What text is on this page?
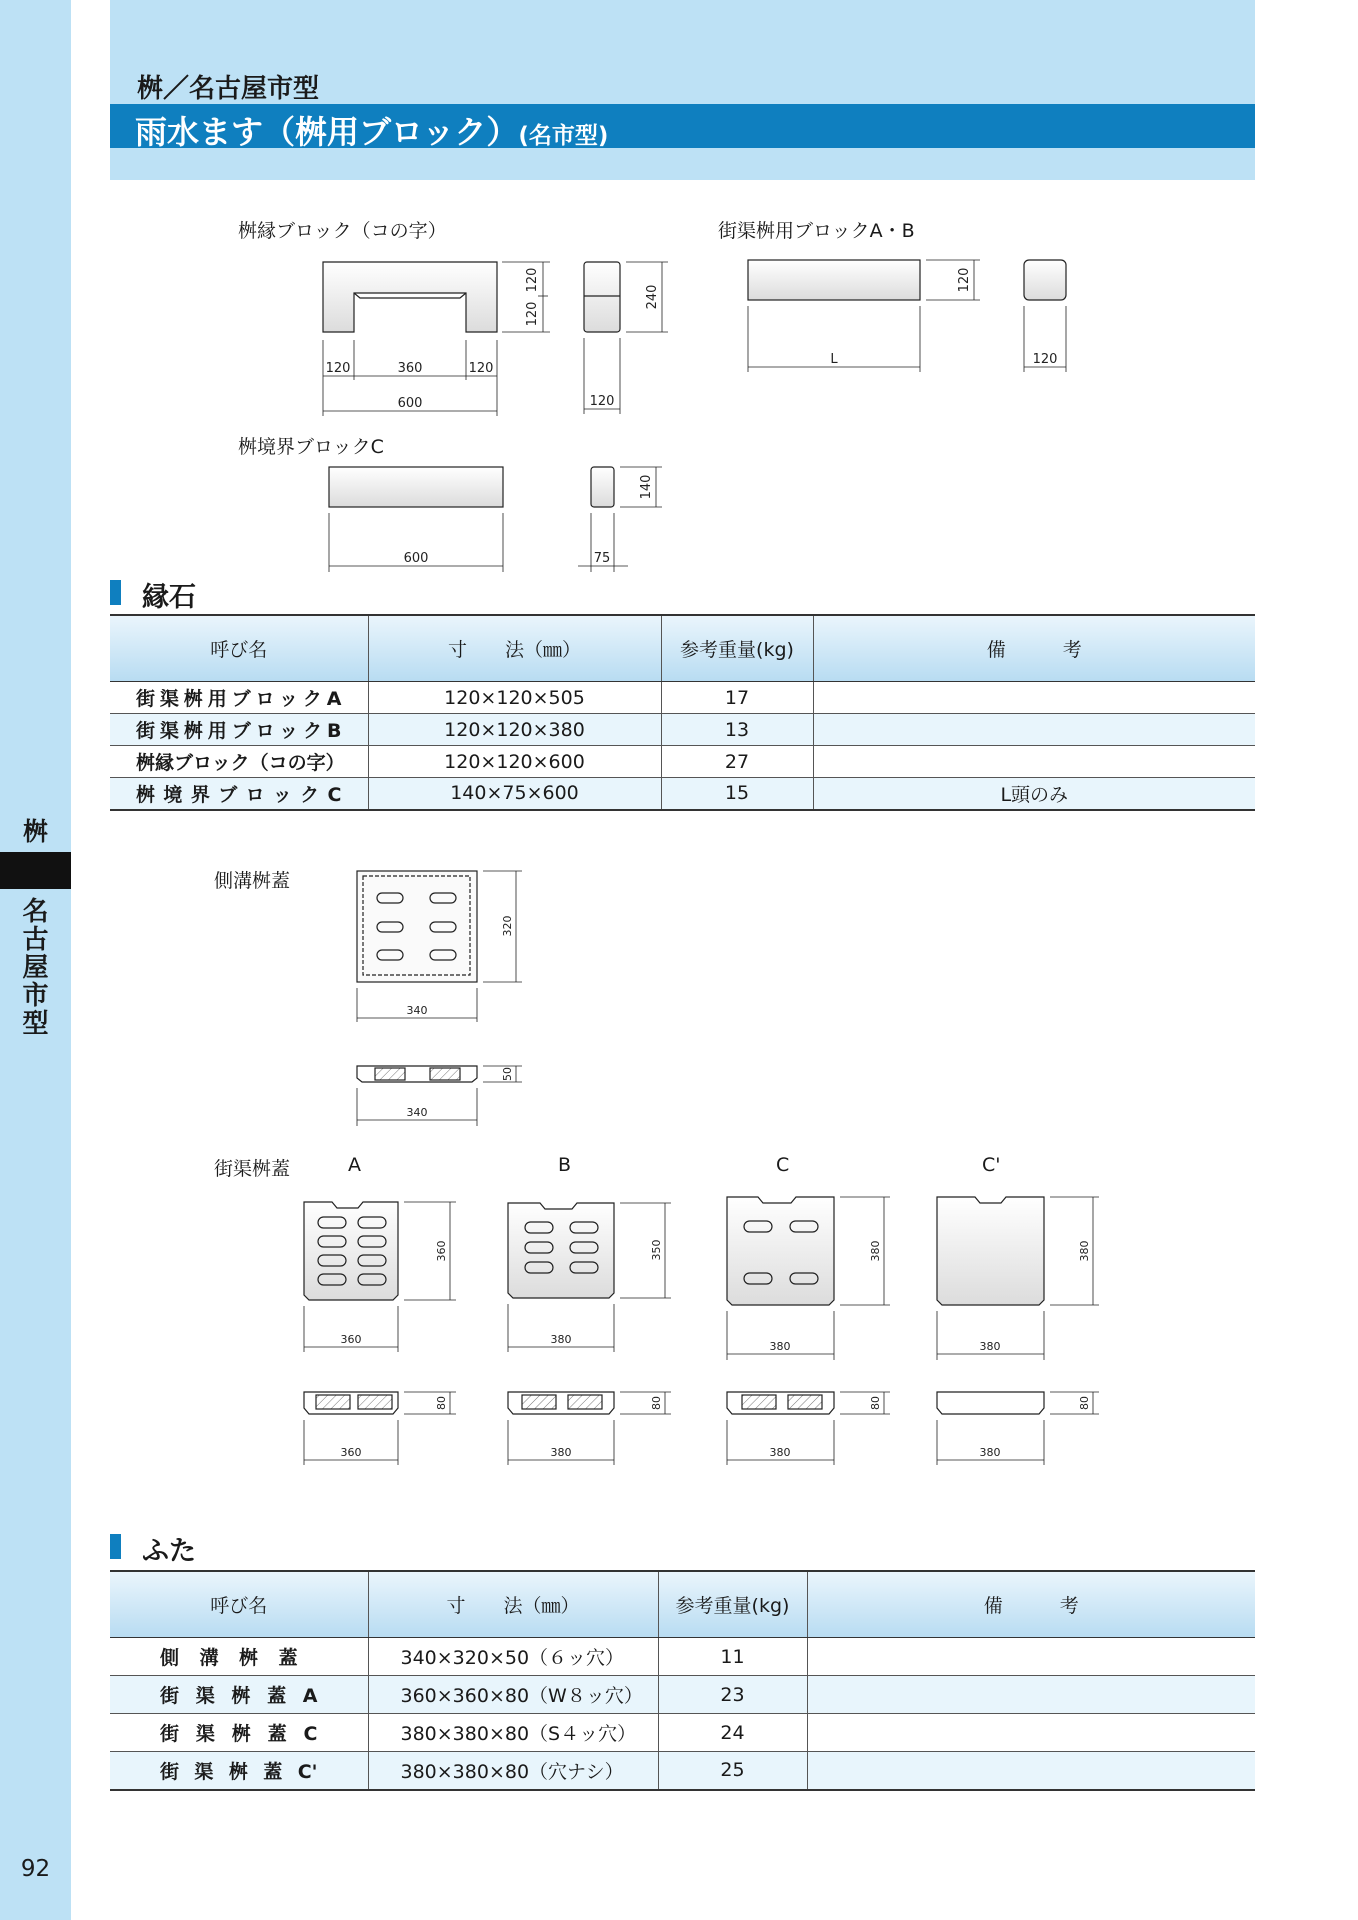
桝
名
古
屋
市
型
92
桝／名古屋市型
雨水ます（桝用ブロック）(名市型)
桝縁ブロック（コの字）	街渠桝用ブロックA・B
桝境界ブロックC
側溝桝蓋
街渠桝蓋	A	B	C	C'
120	360	120
600
120
120
240
120
L
120
120
600
140
75
340
320
340
50
360
360
380
350
380
380
380
380
360
80
380
80
380
80
380
80
縁石
呼び名	寸　　法（㎜）	参考重量(kg)	備　　　考
街渠桝用ブロックA	120×120×505	17	
街渠桝用ブロックB	120×120×380	13	
桝縁ブロック（コの字）	120×120×600	27	
桝境界ブロックC	140×75×600	15	L頭のみ
ふた
呼び名	寸　　法（㎜）	参考重量(kg)	備　　　考
側溝桝蓋	340×320×50（６ッ穴）	11	
街渠桝蓋A	360×360×80（W８ッ穴）	23	
街渠桝蓋C	380×380×80（S４ッ穴）	24	
街渠桝蓋C'	380×380×80（穴ナシ）	25	
